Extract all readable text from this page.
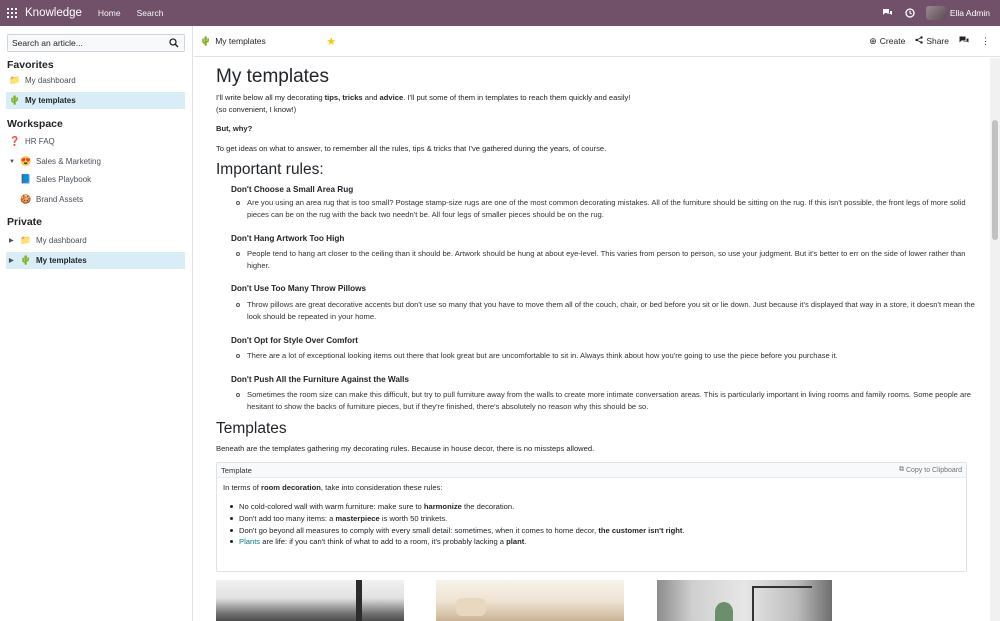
Knowledge Home Search	Ella Admin
Search an article...
Favorites
📁 My dashboard
🌵 My templates
Workspace
❓ HR FAQ
▼ 😍 Sales & Marketing
📘 Sales Playbook
🍪 Brand Assets
Private
▶ 📁 My dashboard
▶ 🌵 My templates
🌵 My templates	★	⊕ Create Share	⋮
My templates
I'll write below all my decorating tips, tricks and advice. I'll put some of them in templates to reach them quickly and easily!
(so convenient, I know!)
But, why?
To get ideas on what to answer, to remember all the rules, tips & tricks that I've gathered during the years, of course.
Important rules:
Don't Choose a Small Area Rug
Are you using an area rug that is too small? Postage stamp-size rugs are one of the most common decorating mistakes. All of the furniture should be sitting on the rug. If this isn't possible, the front legs of more solid pieces can be on the rug with the back two needn't be. All four legs of smaller pieces should be on the rug.
Don't Hang Artwork Too High
People tend to hang art closer to the ceiling than it should be. Artwork should be hung at about eye-level. This varies from person to person, so use your judgment. But it's better to err on the side of lower rather than higher.
Don't Use Too Many Throw Pillows
Throw pillows are great decorative accents but don't use so many that you have to move them all of the couch, chair, or bed before you sit or lie down. Just because it's displayed that way in a store, it doesn't mean the look should be repeated in your home.
Don't Opt for Style Over Comfort
There are a lot of exceptional looking items out there that look great but are uncomfortable to sit in. Always think about how you're going to use the piece before you purchase it.
Don't Push All the Furniture Against the Walls
Sometimes the room size can make this difficult, but try to pull furniture away from the walls to create more intimate conversation areas. This is particularly important in living rooms and family rooms. Some people are hesitant to show the backs of furniture pieces, but if they're finished, there's absolutely no reason why this should be so.
Templates
Beneath are the templates gathering my decorating rules. Because in house decor, there is no missteps allowed.
Template	⧉ Copy to Clipboard
In terms of room decoration, take into consideration these rules:
No cold-colored wall with warm furniture: make sure to harmonize the decoration.
Don't add too many items: a masterpiece is worth 50 trinkets.
Don't go beyond all measures to comply with every small detail: sometimes, when it comes to home decor, the customer isn't right.
Plants are life: if you can't think of what to add to a room, it's probably lacking a plant.
